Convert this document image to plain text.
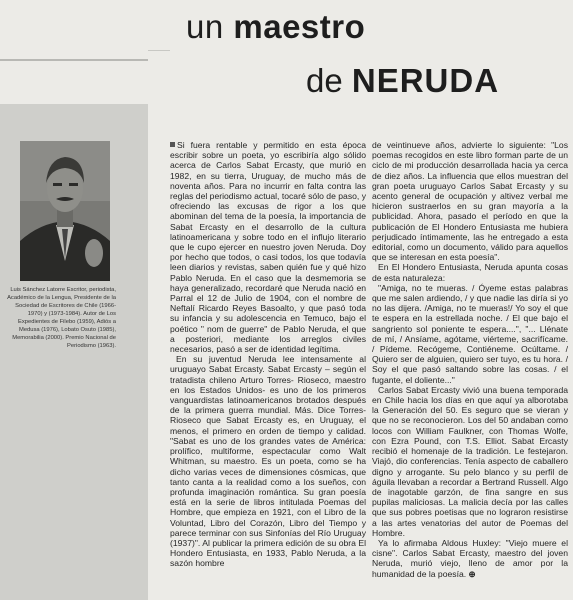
un maestro
de NERUDA
Luis Sánchez Latorre Escritor, periodista, Académico de la Lengua, Presidente de la Sociedad de Escritores de Chile (1966-1970) y (1973-1984). Autor de Los Expedientes de Filebo (1959), Adiós a Medusa (1976), Lobato Osuto (1985), Memorabilia (2000). Premio Nacional de Periodismo (1963).

Si fuera rentable y permitido en esta época escribir sobre un poeta, yo escribiría algo sólido acerca de Carlos Sabat Ercasty, que murió en 1982, en su tierra, Uruguay, de mucho más de noventa años. Para no incurrir en falta contra las reglas del periodismo actual, tocaré sólo de paso, y ofreciendo las excusas de rigor a los que abominan del tema de la poesía, la importancia de Sabat Ercasty en el desarrollo de la cultura latinoamericana y sobre todo en el influjo literario que le cupo ejercer en nuestro joven Neruda. Doy por hecho que todos, o casi todos, los que todavía leen diarios y revistas, saben quién fue y qué hizo Pablo Neruda. En el caso que la desmemoria se haya generalizado, recordaré que Neruda nació en Parral el 12 de Julio de 1904, con el nombre de Neftalí Ricardo Reyes Basoalto, y que pasó toda su infancia y su adolescencia en Temuco, bajo el poético " nom de guerre" de Pablo Neruda, el que a posteriori, mediante los arreglos civiles necesarios, pasó a ser de identidad legítima.

En su juventud Neruda lee intensamente al uruguayo Sabat Ercasty. Sabat Ercasty – según el tratadista chileno Arturo Torres- Rioseco, maestro en los Estados Unidos- es uno de los primeros vanguardistas latinoamericanos brotados después de la primera guerra mundial. Más. Dice Torres- Rioseco que Sabat Ercasty es, en Uruguay, el menos, el primero en orden de tiempo y calidad. "Sabat es uno de los grandes vates de América: prolífico, multiforme, espectacular como Walt Whitman, su maestro. Es un poeta, como se ha dicho varias veces de dimensiones cósmicas, que tanto canta a la realidad como a los sueños, con profunda imaginación romántica. Su gran poesía está en la serie de libros intitulada Poemas del Hombre, que empieza en 1921, con el Libro de la Voluntad, Libro del Corazón, Libro del Tiempo y parece terminar con sus Sinfonías del Río Uruguay (1937)". Al publicar la primera edición de su obra El Hondero Entusiasta, en 1933, Pablo Neruda, a la sazón hombre

de veintinueve años, advierte lo siguiente: "Los poemas recogidos en este libro forman parte de un ciclo de mi producción desarrollada hacia ya cerca de diez años. La influencia que ellos muestran del gran poeta uruguayo Carlos Sabat Ercasty y su acento general de ocupación y altivez verbal me hicieron sustraerlos en su gran mayoría a la publicidad. Ahora, pasado el período en que la publicación de El Hondero Entusiasta me hubiera perjudicado íntimamente, las he entregado a esta editorial, como un documento, válido para aquellos que se interesan en esta poesía".

En El Hondero Entusiasta, Neruda apunta cosas de esta naturaleza:

"Amiga, no te mueras. / Óyeme estas palabras que me salen ardiendo, / y que nadie las diría si yo no las dijera. /Amiga, no te mueras!/ Yo soy el que te espera en la estrellada noche. / El que bajo el sangriento sol poniente te espera....", "... Llénate de mí, / Ansíame, agótame, viérteme, sacrifícame. / Pídeme. Recógeme, Contiéneme. Ocúltame. / Quiero ser de alguien, quiero ser tuyo, es tu hora. / Soy el que pasó saltando sobre las cosas. / el fugante, el doliente..."

Carlos Sabat Ercasty vivió una buena temporada en Chile hacia los días en que aquí ya alborotaba la Generación del 50. Es seguro que se vieran y que no se reconocieron. Los del 50 andaban como locos con William Faulkner, con Thomas Wolfe, con Ezra Pound, con T.S. Elliot. Sabat Ercasty recibió el homenaje de la tradición. Le festejaron. Viajó, dio conferencias. Tenía aspecto de caballero digno y arrogante. Su pelo blanco y su perfil de águila llevaban a recordar a Bertrand Russell. Algo de inagotable garzón, de fina sangre en sus pupilas maliciosas. La malicia decía por las calles que sus pobres poetisas que no lograron resistirse a las artes venatorias del autor de Poemas del Hombre.

Ya lo afirmaba Aldous Huxley: "Viejo muere el cisne". Carlos Sabat Ercasty, maestro del joven Neruda, murió viejo, lleno de amor por la humanidad de la poesía. ⊕
